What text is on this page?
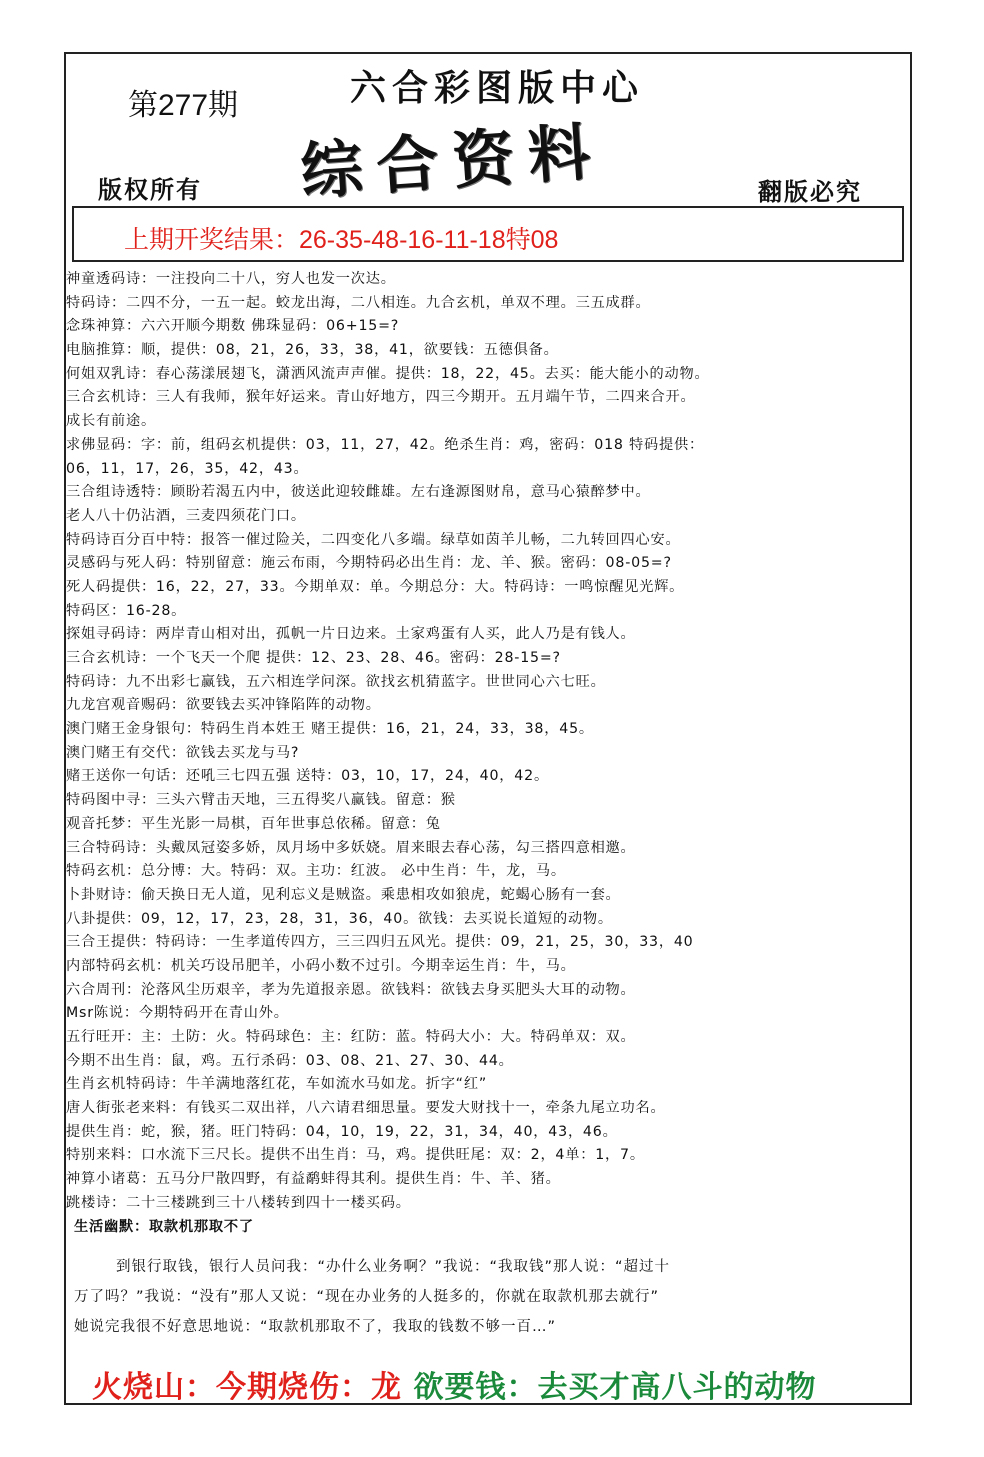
第277期	六合彩图版中心
综合资料
版权所有	翻版必究
上期开奖结果：26-35-48-16-11-18特08
神童透码诗：一注投向二十八，穷人也发一次达。
特码诗：二四不分，一五一起。蛟龙出海，二八相连。九合玄机，单双不理。三五成群。
念珠神算：六六开顺今期数 佛珠显码：06+15=?
电脑推算：顺，提供：08，21，26，33，38，41，欲要钱：五德俱备。
何姐双乳诗：春心荡漾展翅飞，潇洒风流声声催。提供：18，22，45。去买：能大能小的动物。
三合玄机诗：三人有我师，猴年好运来。青山好地方，四三今期开。五月端午节，二四来合开。
成长有前途。
求佛显码：字：前，组码玄机提供：03，11，27，42。绝杀生肖：鸡，密码：018 特码提供：
06，11，17，26，35，42，43。
三合组诗透特：顾盼若渴五内中，彼送此迎较雌雄。左右逢源图财帛，意马心猿醉梦中。
老人八十仍沾酒，三麦四须花门口。
特码诗百分百中特：报答一催过险关，二四变化八多端。绿草如茵羊儿畅，二九转回四心安。
灵感码与死人码：特别留意：施云布雨，今期特码必出生肖：龙、羊、猴。密码：08-05=?
死人码提供：16，22，27，33。今期单双：单。今期总分：大。特码诗：一鸣惊醒见光辉。
特码区：16-28。
探姐寻码诗：两岸青山相对出，孤帆一片日边来。土家鸡蛋有人买，此人乃是有钱人。
三合玄机诗：一个飞天一个爬 提供：12、23、28、46。密码：28-15=?
特码诗：九不出彩七赢钱，五六相连学问深。欲找玄机猜蓝字。世世同心六七旺。
九龙宫观音赐码：欲要钱去买冲锋陷阵的动物。
澳门赌王金身银句：特码生肖本姓王 赌王提供：16，21，24，33，38，45。
澳门赌王有交代：欲钱去买龙与马?
赌王送你一句话：还吼三七四五强 送特：03，10，17，24，40，42。
特码图中寻：三头六臂击天地，三五得奖八赢钱。留意：猴
观音托梦：平生光影一局棋，百年世事总依稀。留意：兔
三合特码诗：头戴凤冠姿多娇，凤月场中多妖娆。眉来眼去春心荡，勾三搭四意相邀。
特码玄机：总分博：大。特码：双。主功：红波。 必中生肖：牛，龙，马。
卜卦财诗：偷天换日无人道，见利忘义是贼盗。乘患相攻如狼虎，蛇蝎心肠有一套。
八卦提供：09，12，17，23，28，31，36，40。欲钱：去买说长道短的动物。
三合王提供：特码诗：一生孝道传四方，三三四归五风光。提供：09，21，25，30，33，40
内部特码玄机：机关巧设吊肥羊，小码小数不过引。今期幸运生肖：牛，马。
六合周刊：沦落风尘历艰辛，孝为先道报亲恩。欲钱料：欲钱去身买肥头大耳的动物。
Msr陈说：今期特码开在青山外。
五行旺开：主：土防：火。特码球色：主：红防：蓝。特码大小：大。特码单双：双。
今期不出生肖：鼠，鸡。五行杀码：03、08、21、27、30、44。
生肖玄机特码诗：牛羊满地落红花，车如流水马如龙。折字“红”
唐人街张老来料：有钱买二双出祥，八六请君细思量。要发大财找十一，牵条九尾立功名。
提供生肖：蛇，猴，猪。旺门特码：04，10，19，22，31，34，40，43，46。
特别来料：口水流下三尺长。提供不出生肖：马，鸡。提供旺尾：双：2，4单：1，7。
神算小诸葛：五马分尸散四野，有益鹬蚌得其利。提供生肖：牛、羊、猪。
跳楼诗：二十三楼跳到三十八楼转到四十一楼买码。
生活幽默：取款机那取不了
到银行取钱，银行人员问我：“办什么业务啊？”我说：“我取钱”那人说：“超过十
万了吗？”我说：“没有”那人又说：“现在办业务的人挺多的，你就在取款机那去就行”
她说完我很不好意思地说：“取款机那取不了，我取的钱数不够一百…”
火烧山：今期烧伤：龙 欲要钱：去买才高八斗的动物
